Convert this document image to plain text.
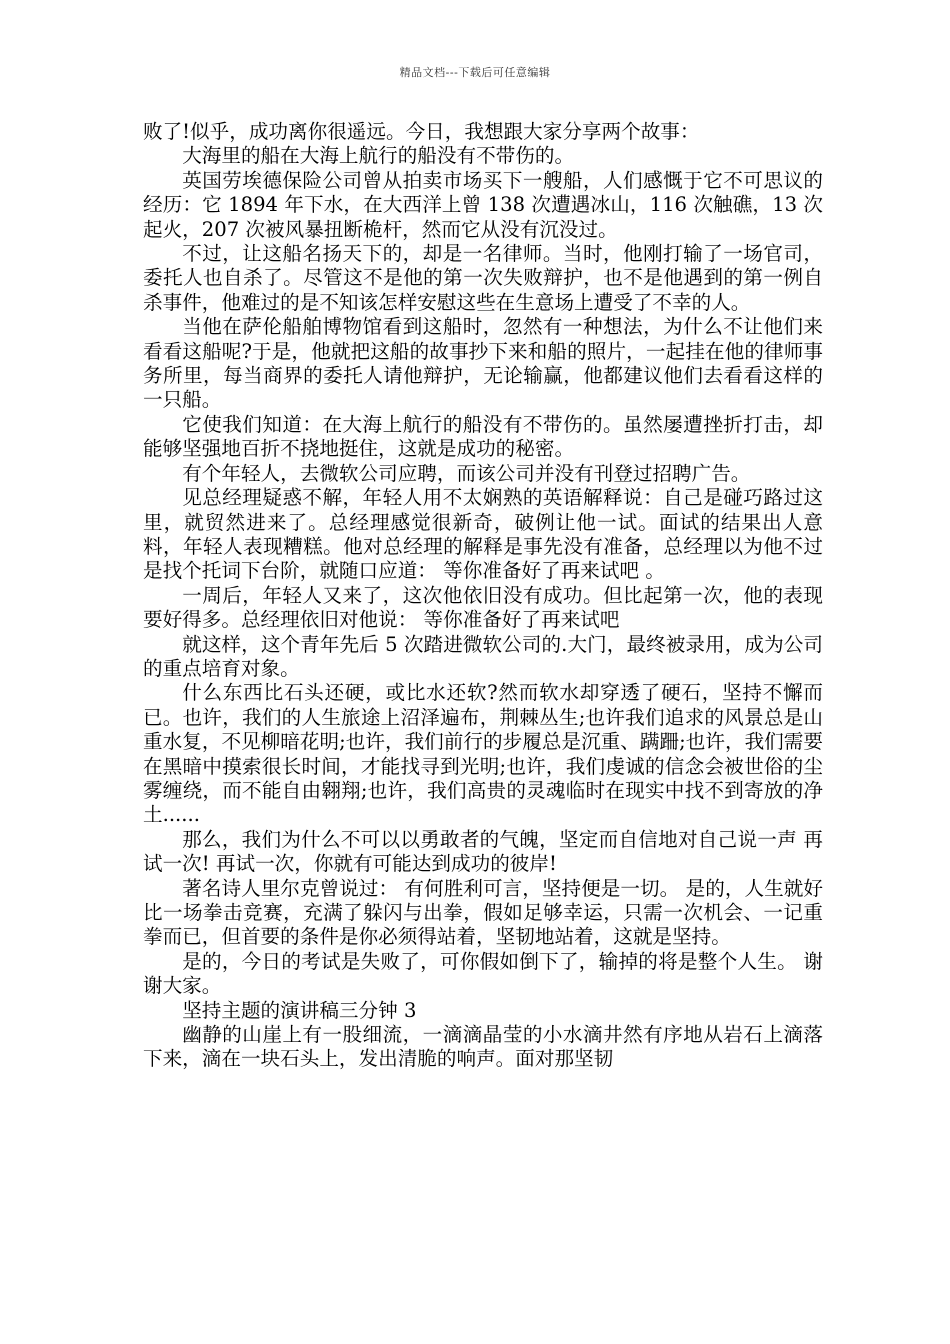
精品文档---下载后可任意编辑

败了!似乎，成功离你很遥远。今日，我想跟大家分享两个故事：

大海里的船在大海上航行的船没有不带伤的。

英国劳埃德保险公司曾从拍卖市场买下一艘船，人们感慨于它不可思议的经历：它 1894 年下水，在大西洋上曾 138 次遭遇冰山，116 次触礁，13 次起火，207 次被风暴扭断桅杆，然而它从没有沉没过。

不过，让这船名扬天下的，却是一名律师。当时，他刚打输了一场官司，委托人也自杀了。尽管这不是他的第一次失败辩护，也不是他遇到的第一例自杀事件，他难过的是不知该怎样安慰这些在生意场上遭受了不幸的人。

当他在萨伦船舶博物馆看到这船时，忽然有一种想法，为什么不让他们来看看这船呢?于是，他就把这船的故事抄下来和船的照片，一起挂在他的律师事务所里，每当商界的委托人请他辩护，无论输赢，他都建议他们去看看这样的一只船。

它使我们知道：在大海上航行的船没有不带伤的。虽然屡遭挫折打击，却能够坚强地百折不挠地挺住，这就是成功的秘密。

有个年轻人，去微软公司应聘，而该公司并没有刊登过招聘广告。

见总经理疑惑不解，年轻人用不太娴熟的英语解释说：自己是碰巧路过这里，就贸然进来了。总经理感觉很新奇，破例让他一试。面试的结果出人意料，年轻人表现糟糕。他对总经理的解释是事先没有准备，总经理以为他不过是找个托词下台阶，就随口应道： 等你准备好了再来试吧 。

一周后，年轻人又来了，这次他依旧没有成功。但比起第一次，他的表现要好得多。总经理依旧对他说： 等你准备好了再来试吧

就这样，这个青年先后 5 次踏进微软公司的.大门，最终被录用，成为公司的重点培育对象。

什么东西比石头还硬，或比水还软?然而软水却穿透了硬石，坚持不懈而已。也许，我们的人生旅途上沼泽遍布，荆棘丛生;也许我们追求的风景总是山重水复，不见柳暗花明;也许，我们前行的步履总是沉重、蹒跚;也许，我们需要在黑暗中摸索很长时间，才能找寻到光明;也许，我们虔诚的信念会被世俗的尘雾缠绕，而不能自由翱翔;也许，我们高贵的灵魂临时在现实中找不到寄放的净土......

那么，我们为什么不可以以勇敢者的气魄，坚定而自信地对自己说一声 再试一次! 再试一次，你就有可能达到成功的彼岸!

著名诗人里尔克曾说过： 有何胜利可言，坚持便是一切。 是的，人生就好比一场拳击竞赛，充满了躲闪与出拳，假如足够幸运，只需一次机会、一记重拳而已，但首要的条件是你必须得站着，坚韧地站着，这就是坚持。

是的，今日的考试是失败了，可你假如倒下了，输掉的将是整个人生。 谢谢大家。

坚持主题的演讲稿三分钟 3

幽静的山崖上有一股细流，一滴滴晶莹的小水滴井然有序地从岩石上滴落下来，滴在一块石头上，发出清脆的响声。面对那坚韧
